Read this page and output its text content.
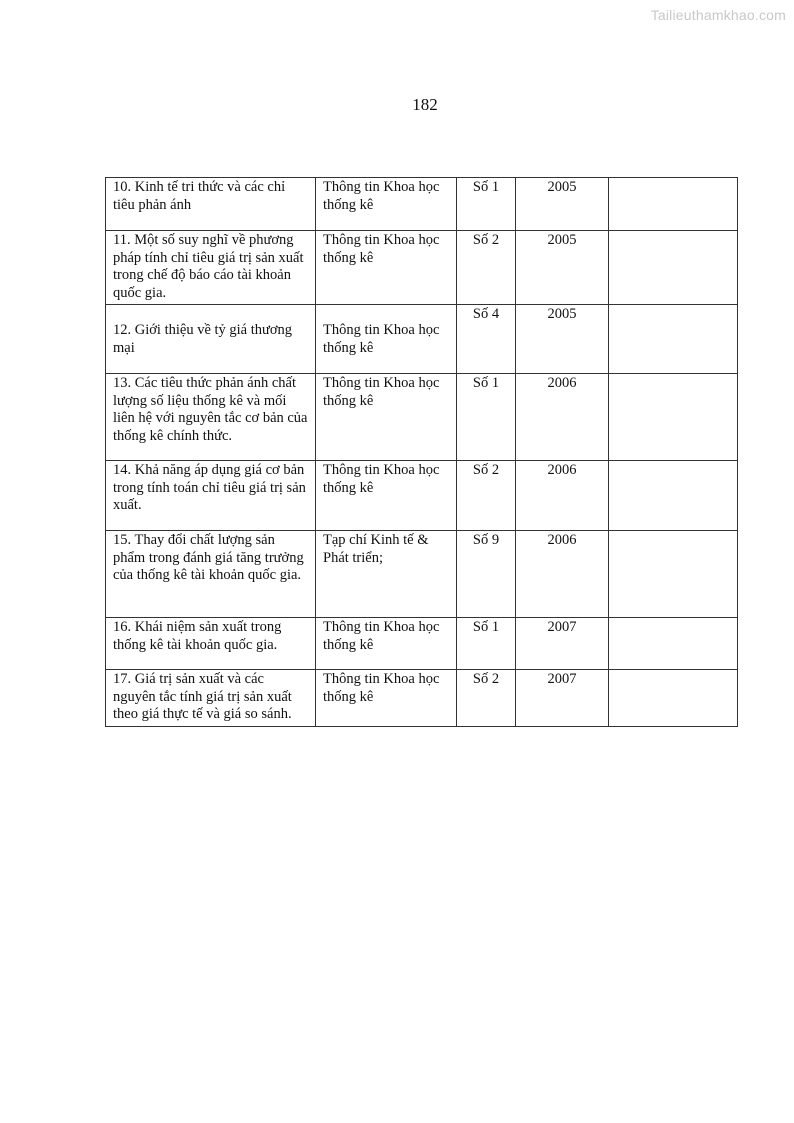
Tailieuthamkhao.com
182
10. Kinh tế tri thức và các chỉ tiêu phản ánh	Thông tin Khoa học thống kê	Số 1	2005	
11. Một số suy nghĩ về phương pháp tính chỉ tiêu giá trị sản xuất trong chế độ báo cáo tài khoản quốc gia.	Thông tin Khoa học thống kê	Số 2	2005	
12. Giới thiệu về tỷ giá thương mại	Thông tin Khoa học thống kê	Số 4	2005	
13. Các tiêu thức phản ánh chất lượng số liệu thống kê và mối liên hệ với nguyên tắc cơ bản của thống kê chính thức.	Thông tin Khoa học thống kê	Số 1	2006	
14. Khả năng áp dụng giá cơ bản trong tính toán chỉ tiêu giá trị sản xuất.	Thông tin Khoa học thống kê	Số 2	2006	
15. Thay đổi chất lượng sản phẩm trong đánh giá tăng trưởng của thống kê tài khoản quốc gia.	Tạp chí Kinh tế & Phát triển;	Số 9	2006	
16. Khái niệm sản xuất trong thống kê tài khoản quốc gia.	Thông tin Khoa học thống kê	Số 1	2007	
17. Giá trị sản xuất và các nguyên tắc tính giá trị sản xuất theo giá thực tế và giá so sánh.	Thông tin Khoa học thống kê	Số 2	2007	
